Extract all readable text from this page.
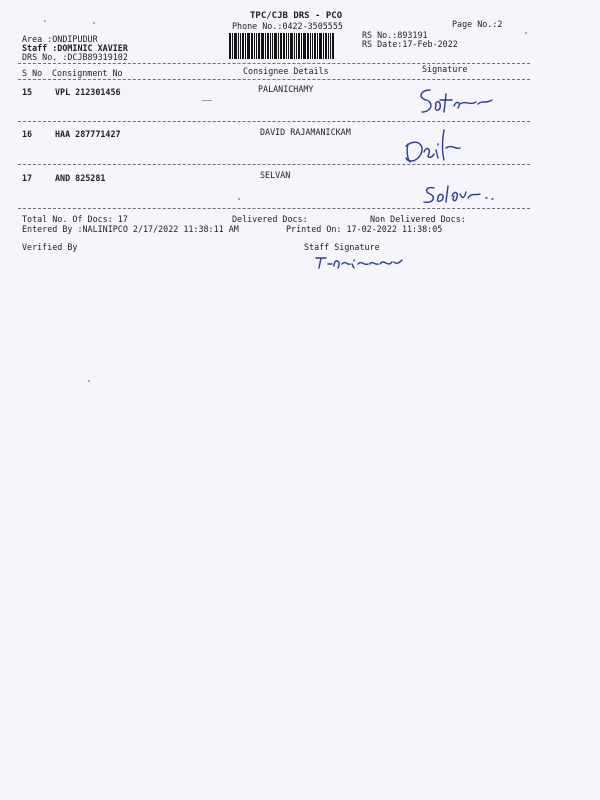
TPC/CJB DRS - PCO
Phone No.:0422-3505555	Page No.:2
Area :ONDIPUDUR
Staff :DOMINIC XAVIER
DRS No. :DCJB89319102
RS No.:893191
RS Date:17-Feb-2022
S No Consignment No	Consignee Details	Signature
15	VPL 212301456	PALANICHAMY
16	HAA 287771427	DAVID RAJAMANICKAM
17	AND 825281	SELVAN
Total No. Of Docs: 17	Delivered Docs:	Non Delivered Docs:
Entered By :NALINIPCO 2/17/2022 11:38:11 AM	Printed On: 17-02-2022 11:38:05
Verified By	Staff Signature
